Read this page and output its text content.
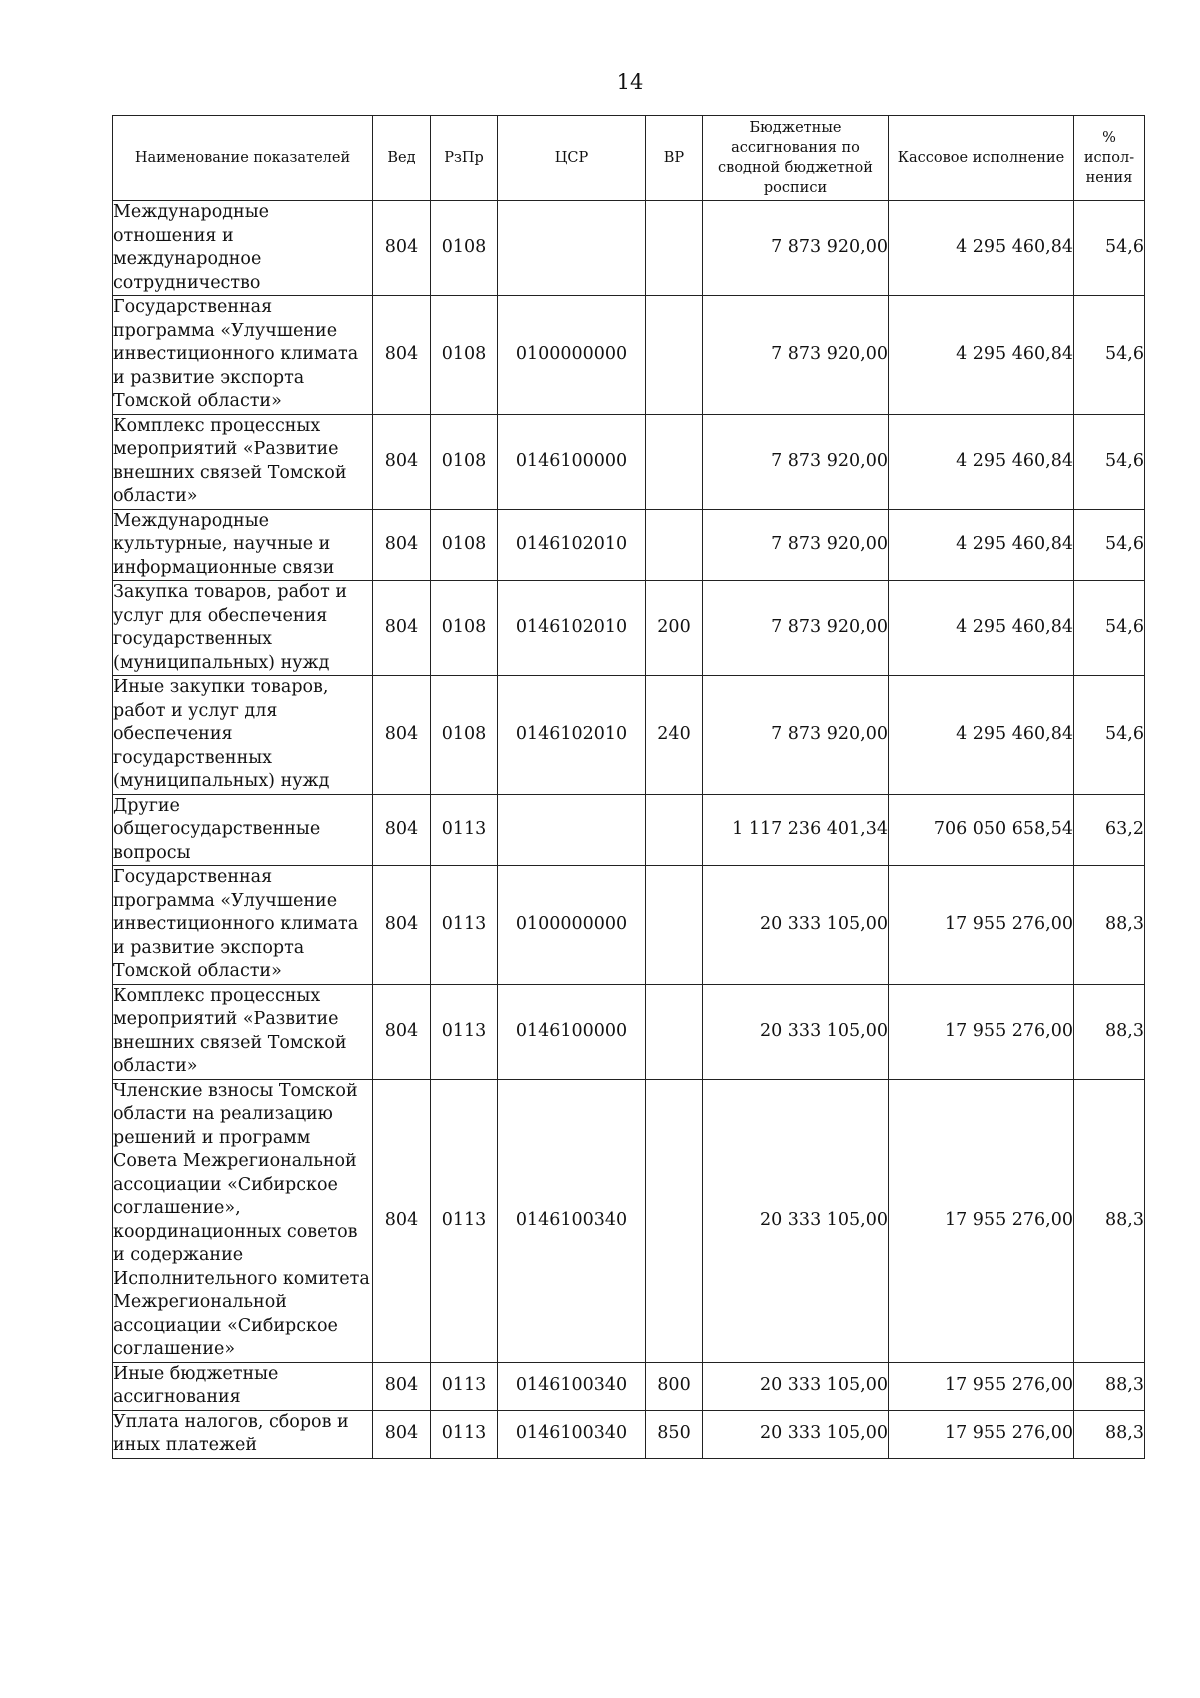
14
Наименование показателей	Вед	РзПр	ЦСР	ВР	Бюджетные ассигнования по сводной бюджетной росписи	Кассовое исполнение	% испол-нения
Международные отношения и международное сотрудничество	804	0108			7 873 920,00	4 295 460,84	54,6
Государственная программа «Улучшение инвестиционного климата и развитие экспорта Томской области»	804	0108	0100000000		7 873 920,00	4 295 460,84	54,6
Комплекс процессных мероприятий «Развитие внешних связей Томской области»	804	0108	0146100000		7 873 920,00	4 295 460,84	54,6
Международные культурные, научные и информационные связи	804	0108	0146102010		7 873 920,00	4 295 460,84	54,6
Закупка товаров, работ и услуг для обеспечения государственных (муниципальных) нужд	804	0108	0146102010	200	7 873 920,00	4 295 460,84	54,6
Иные закупки товаров, работ и услуг для обеспечения государственных (муниципальных) нужд	804	0108	0146102010	240	7 873 920,00	4 295 460,84	54,6
Другие общегосударственные вопросы	804	0113			1 117 236 401,34	706 050 658,54	63,2
Государственная программа «Улучшение инвестиционного климата и развитие экспорта Томской области»	804	0113	0100000000		20 333 105,00	17 955 276,00	88,3
Комплекс процессных мероприятий «Развитие внешних связей Томской области»	804	0113	0146100000		20 333 105,00	17 955 276,00	88,3
Членские взносы Томской области на реализацию решений и программ Совета Межрегиональной ассоциации «Сибирское соглашение», координационных советов и содержание Исполнительного комитета Межрегиональной ассоциации «Сибирское соглашение»	804	0113	0146100340		20 333 105,00	17 955 276,00	88,3
Иные бюджетные ассигнования	804	0113	0146100340	800	20 333 105,00	17 955 276,00	88,3
Уплата налогов, сборов и иных платежей	804	0113	0146100340	850	20 333 105,00	17 955 276,00	88,3
